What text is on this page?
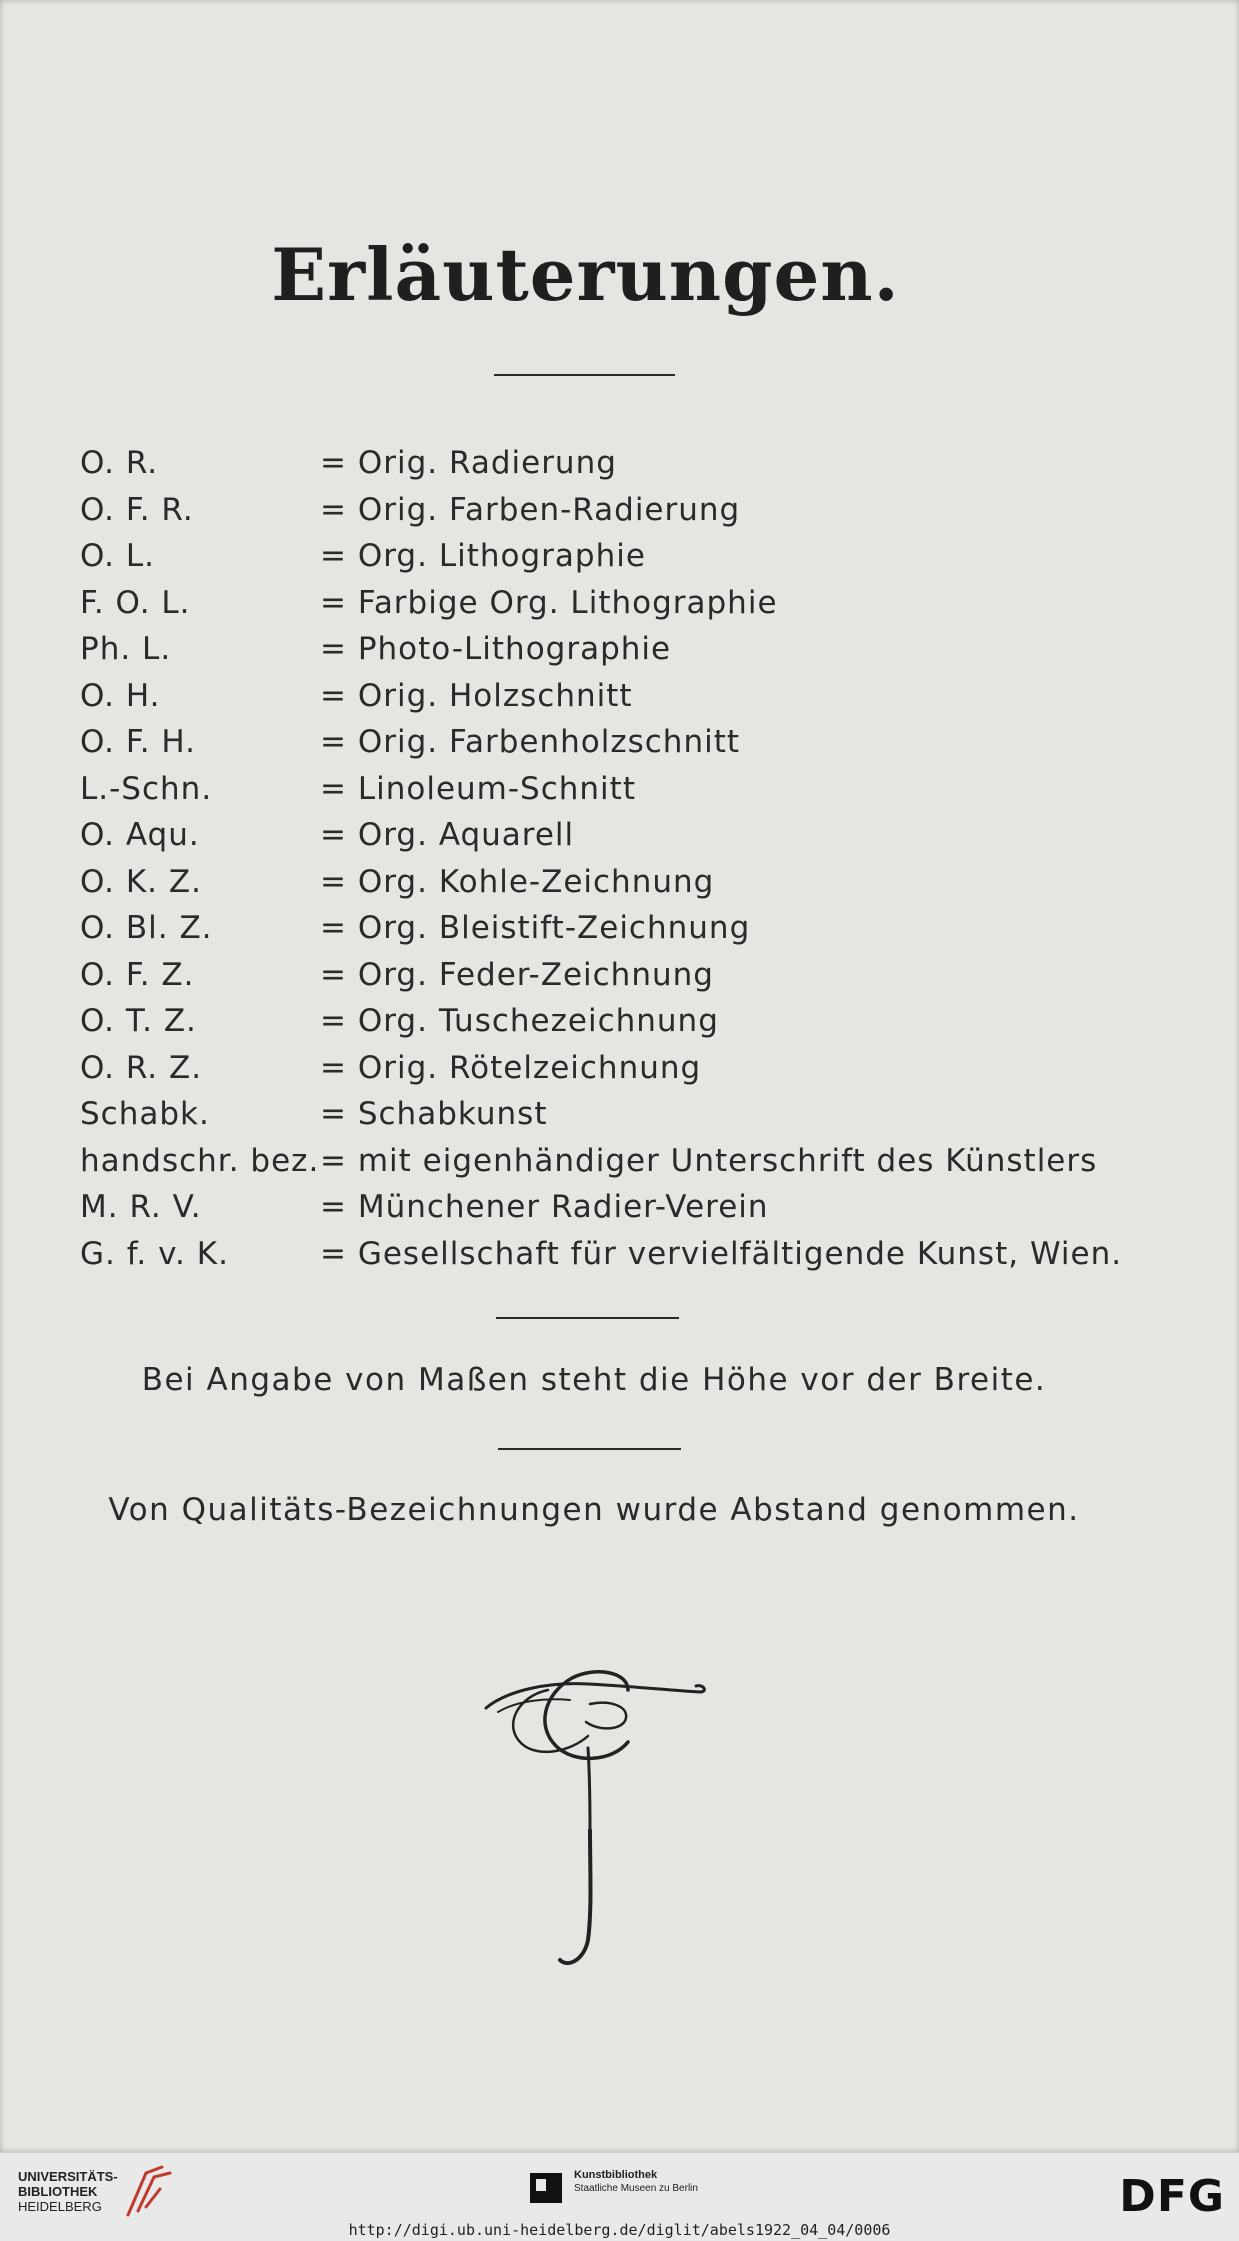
Erläuterungen.
O. R.	= Orig. Radierung
O. F. R.	= Orig. Farben-Radierung
O. L.	= Org. Lithographie
F. O. L.	= Farbige Org. Lithographie
Ph. L.	= Photo-Lithographie
O. H.	= Orig. Holzschnitt
O. F. H.	= Orig. Farbenholzschnitt
L.-Schn.	= Linoleum-Schnitt
O. Aqu.	= Org. Aquarell
O. K. Z.	= Org. Kohle-Zeichnung
O. Bl. Z.	= Org. Bleistift-Zeichnung
O. F. Z.	= Org. Feder-Zeichnung
O. T. Z.	= Org. Tuschezeichnung
O. R. Z.	= Orig. Rötelzeichnung
Schabk.	= Schabkunst
handschr. bez. = mit eigenhändiger Unterschrift des Künstlers
M. R. V.	= Münchener Radier-Verein
G. f. v. K.	= Gesellschaft für vervielfältigende Kunst, Wien.
Bei Angabe von Maßen steht die Höhe vor der Breite.
Von Qualitäts-Bezeichnungen wurde Abstand genommen.
UNIVERSITÄTS-
BIBLIOTHEK
HEIDELBERG
Kunstbibliothek
Staatliche Museen zu Berlin	DFG
http://digi.ub.uni-heidelberg.de/diglit/abels1922_04_04/0006
